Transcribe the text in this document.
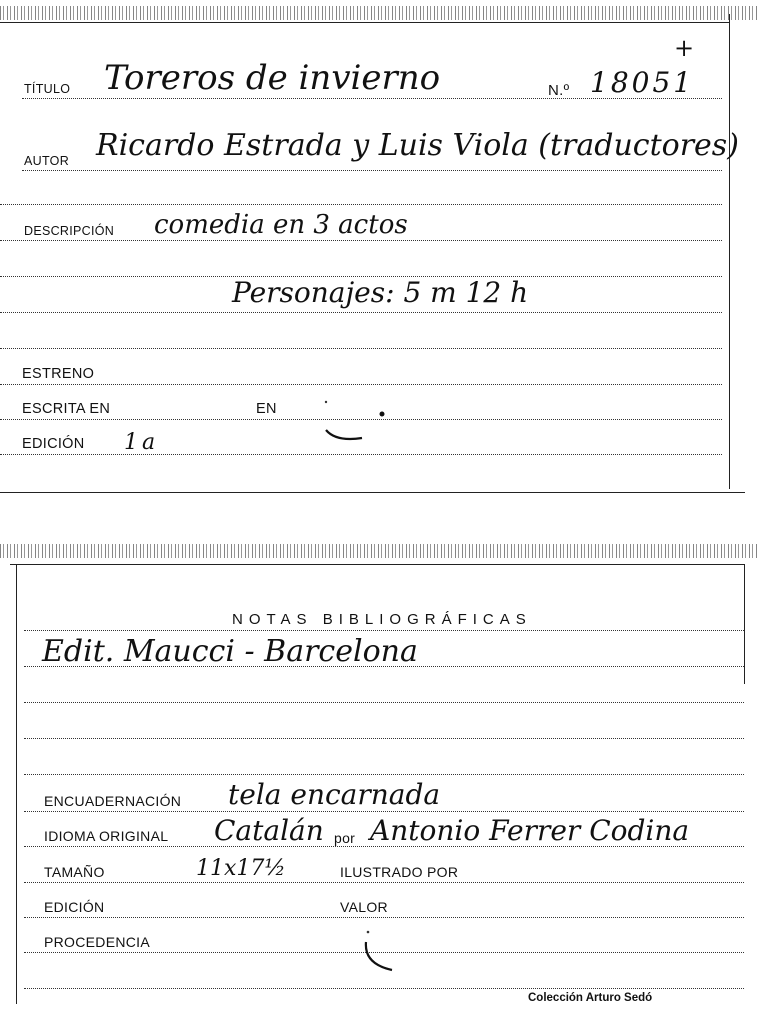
TÍTULO Toreros de invierno	N.º 18051
+
AUTOR Ricardo Estrada y Luis Viola (traductores)
DESCRIPCIÓN comedia en 3 actos
Personajes: 5 m 12 h
ESTRENO
ESCRITA EN	EN
EDICIÓN 1a
NOTAS BIBLIOGRÁFICAS
Edit. Maucci - Barcelona
ENCUADERNACIÓN tela encarnada
IDIOMA ORIGINAL Catalán por Antonio Ferrer Codina
TAMAÑO	11x17½	ILUSTRADO POR
EDICIÓN	VALOR
PROCEDENCIA
Colección Arturo Sedó
